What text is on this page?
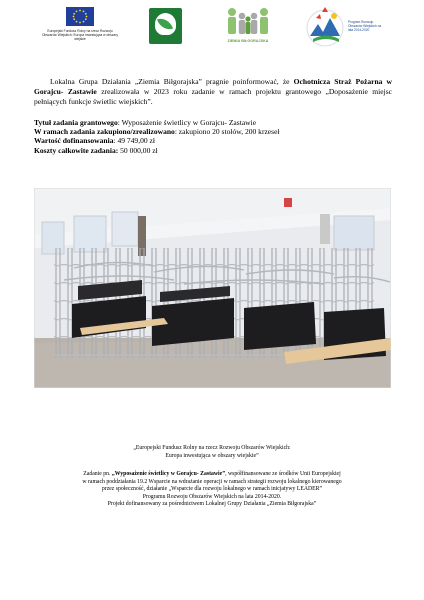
Europejski Fundusz Rolny na rzecz Rozwoju Obszarów Wiejskich: Europa inwestująca w obszary wiejskie	ZIEMIA BIŁGORAJSKA
Program Rozwoju Obszarów Wiejskich na lata 2014-2020

Lokalna Grupa Działania „Ziemia Biłgorajska” pragnie poinformować, że Ochotnicza Straż Pożarna w Gorajcu- Zastawie zrealizowała w 2023 roku zadanie w ramach projektu grantowego „Doposażenie miejsc pełniących funkcje świetlic wiejskich”.

Tytuł zadania grantowego: Wyposażenie świetlicy w Gorajcu- Zastawie
W ramach zadania zakupiono/zrealizowano: zakupiono 20 stołów, 200 krzeseł
Wartość dofinansowania: 49 749,00 zł
Koszty całkowite zadania: 50 000,00 zł

„Europejski Fundusz Rolny na rzecz Rozwoju Obszarów Wiejskich:

Europa inwestująca w obszary wiejskie”

Zadanie pn. „Wyposażenie świetlicy w Gorajcu- Zastawie”, współfinansowane ze środków Unii Europejskiej

w ramach poddziałania 19.2 Wsparcie na wdrażanie operacji w ramach strategii rozwoju lokalnego kierowanego

przez społeczność, działanie „Wsparcie dla rozwoju lokalnego w ramach inicjatywy LEADER”

Programu Rozwoju Obszarów Wiejskich na lata 2014-2020.

Projekt dofinansowany za pośrednictwem Lokalnej Grupy Działania „Ziemia Biłgorajska”
